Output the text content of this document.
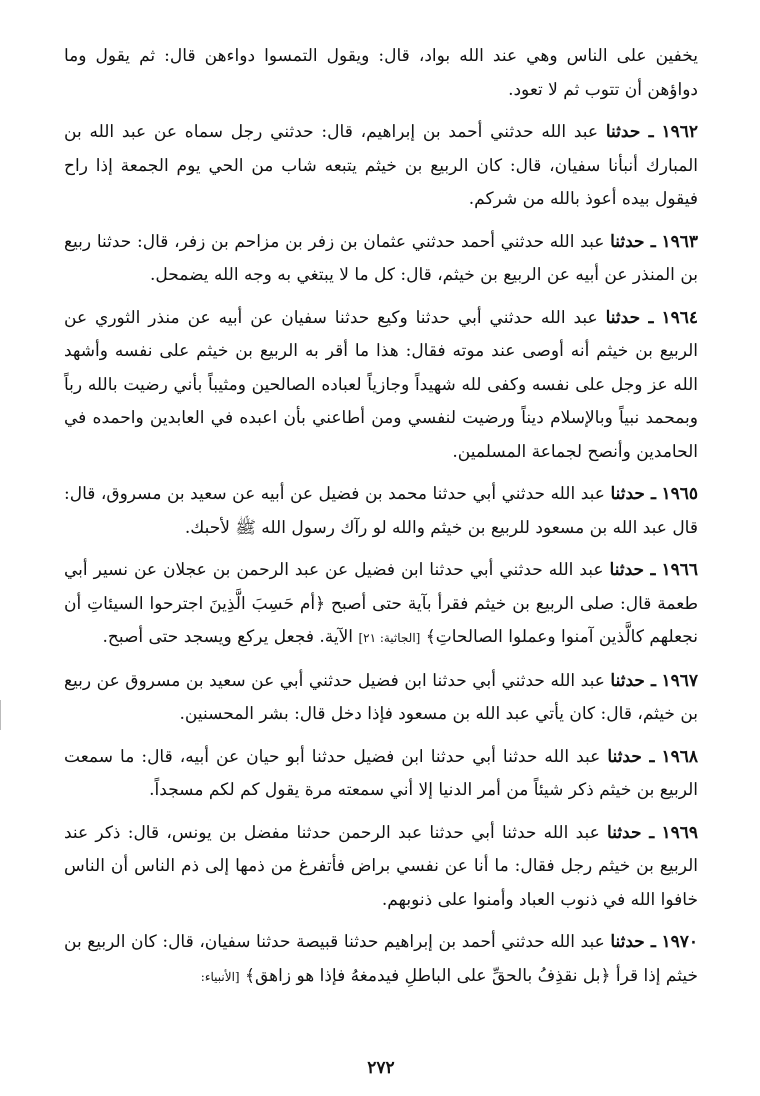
يخفين على الناس وهي عند الله بواد، قال: ويقول التمسوا دواءهن قال: ثم يقول وما دواؤهن أن تتوب ثم لا تعود.

١٩٦٢ ـ حدثنا عبد الله حدثني أحمد بن إبراهيم، قال: حدثني رجل سماه عن عبد الله بن المبارك أنبأنا سفيان، قال: كان الربيع بن خيثم يتبعه شاب من الحي يوم الجمعة إذا راح فيقول بيده أعوذ بالله من شركم.

١٩٦٣ ـ حدثنا عبد الله حدثني أحمد حدثني عثمان بن زفر بن مزاحم بن زفر، قال: حدثنا ربيع بن المنذر عن أبيه عن الربيع بن خيثم، قال: كل ما لا يبتغي به وجه الله يضمحل.

١٩٦٤ ـ حدثنا عبد الله حدثني أبي حدثنا وكيع حدثنا سفيان عن أبيه عن منذر الثوري عن الربيع بن خيثم أنه أوصى عند موته فقال: هذا ما أقر به الربيع بن خيثم على نفسه وأشهد الله عز وجل على نفسه وكفى لله شهيداً وجازياً لعباده الصالحين ومثيباً بأني رضيت بالله رباً وبمحمد نبياً وبالإسلام ديناً ورضيت لنفسي ومن أطاعني بأن اعبده في العابدين واحمده في الحامدين وأنصح لجماعة المسلمين.

١٩٦٥ ـ حدثنا عبد الله حدثني أبي حدثنا محمد بن فضيل عن أبيه عن سعيد بن مسروق، قال: قال عبد الله بن مسعود للربيع بن خيثم والله لو رآك رسول الله ﷺ لأحبك.

١٩٦٦ ـ حدثنا عبد الله حدثني أبي حدثنا ابن فضيل عن عبد الرحمن بن عجلان عن نسير أبي طعمة قال: صلى الربيع بن خيثم فقرأ بآية حتى أصبح ﴿أم حَسِبَ الَّذِينَ اجترحوا السيئاتِ أن نجعلهم كالَّذين آمنوا وعملوا الصالحاتِ﴾ [الجاثية: ٢١] الآية. فجعل يركع ويسجد حتى أصبح.

١٩٦٧ ـ حدثنا عبد الله حدثني أبي حدثنا ابن فضيل حدثني أبي عن سعيد بن مسروق عن ربيع بن خيثم، قال: كان يأتي عبد الله بن مسعود فإذا دخل قال: بشر المحسنين.

١٩٦٨ ـ حدثنا عبد الله حدثنا أبي حدثنا ابن فضيل حدثنا أبو حيان عن أبيه، قال: ما سمعت الربيع بن خيثم ذكر شيئاً من أمر الدنيا إلا أني سمعته مرة يقول كم لكم مسجداً.

١٩٦٩ ـ حدثنا عبد الله حدثنا أبي حدثنا عبد الرحمن حدثنا مفضل بن يونس، قال: ذكر عند الربيع بن خيثم رجل فقال: ما أنا عن نفسي براض فأتفرغ من ذمها إلى ذم الناس أن الناس خافوا الله في ذنوب العباد وأمنوا على ذنوبهم.

١٩٧٠ ـ حدثنا عبد الله حدثني أحمد بن إبراهيم حدثنا قبيصة حدثنا سفيان، قال: كان الربيع بن خيثم إذا قرأ ﴿بل نقذِفُ بالحقِّ على الباطلِ فيدمغهُ فإذا هو زاهق﴾ [الأنبياء:

٢٧٢
